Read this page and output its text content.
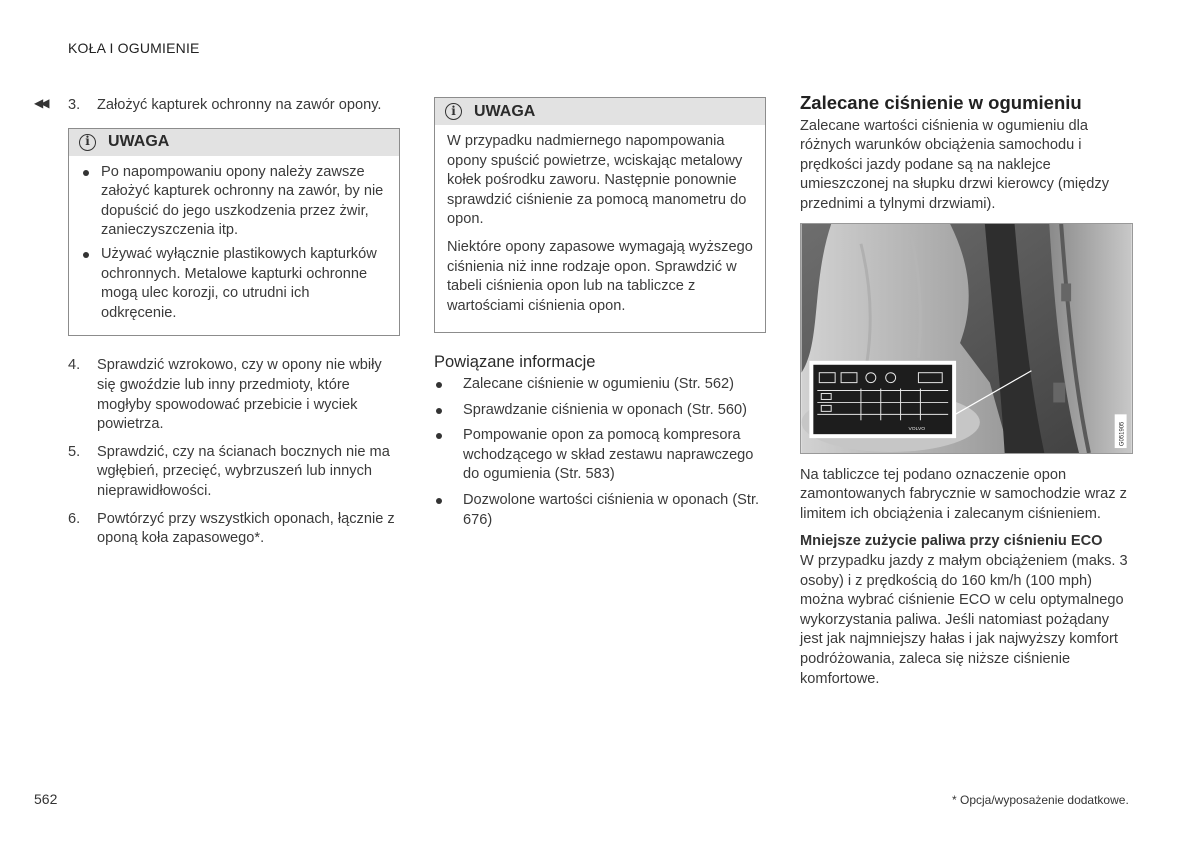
KOŁA I OGUMIENIE
◀◀ 3.	Założyć kapturek ochronny na zawór opony.
i	UWAGA
Po napompowaniu opony należy zawsze założyć kapturek ochronny na zawór, by nie dopuścić do jego uszkodzenia przez żwir, zanieczyszczenia itp.
Używać wyłącznie plastikowych kapturków ochronnych. Metalowe kapturki ochronne mogą ulec korozji, co utrudni ich odkręcenie.
4.	Sprawdzić wzrokowo, czy w opony nie wbiły się gwoździe lub inny przedmioty, które mogłyby spowodować przebicie i wyciek powietrza.
5.	Sprawdzić, czy na ścianach bocznych nie ma wgłębień, przecięć, wybrzuszeń lub innych nieprawidłowości.
6.	Powtórzyć przy wszystkich oponach, łącznie z oponą koła zapasowego*.
i	UWAGA

W przypadku nadmiernego napompowania opony spuścić powietrze, wciskając metalowy kołek pośrodku zaworu. Następnie ponownie sprawdzić ciśnienie za pomocą manometru do opon.

Niektóre opony zapasowe wymagają wyższego ciśnienia niż inne rodzaje opon. Sprawdzić w tabeli ciśnienia opon lub na tabliczce z wartościami ciśnienia opon.

Powiązane informacje
Zalecane ciśnienie w ogumieniu (Str. 562)
Sprawdzanie ciśnienia w oponach (Str. 560)
Pompowanie opon za pomocą kompresora wchodzącego w skład zestawu naprawczego do ogumienia (Str. 583)
Dozwolone wartości ciśnienia w oponach (Str. 676)
Zalecane ciśnienie w ogumieniu

Zalecane wartości ciśnienia w ogumieniu dla różnych warunków obciążenia samochodu i prędkości jazdy podane są na naklejce umieszczonej na słupku drzwi kierowcy (między przednimi a tylnymi drzwiami).

VOLVO	G051905

Na tabliczce tej podano oznaczenie opon zamontowanych fabrycznie w samochodzie wraz z limitem ich obciążenia i zalecanym ciśnieniem.

Mniejsze zużycie paliwa przy ciśnieniu ECO

W przypadku jazdy z małym obciążeniem (maks. 3 osoby) i z prędkością do 160 km/h (100 mph) można wybrać ciśnienie ECO w celu optymalnego wykorzystania paliwa. Jeśli natomiast pożądany jest jak najmniejszy hałas i jak najwyższy komfort podróżowania, zaleca się niższe ciśnienie komfortowe.

562	* Opcja/wyposażenie dodatkowe.
